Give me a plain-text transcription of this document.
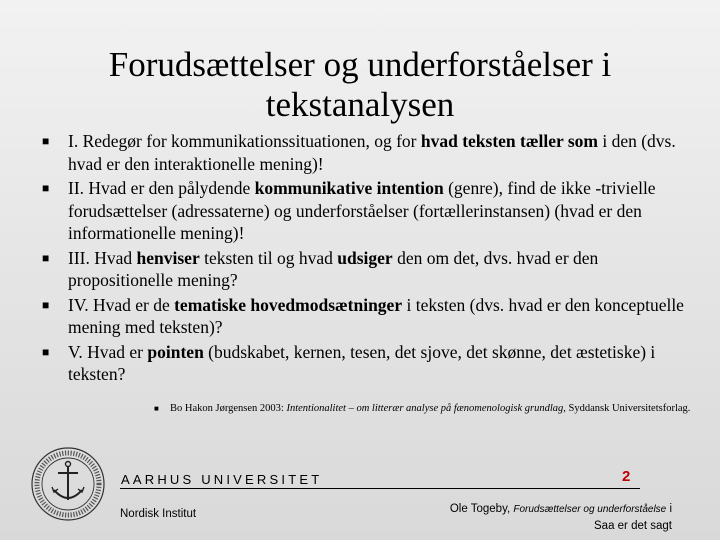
Forudsættelser og underforståelser i tekstanalysen
■ I. Redegør for kommunikationssituationen, og for hvad teksten tæller som i den (dvs. hvad er den interaktionelle mening)!
■ II. Hvad er den pålydende kommunikative intention (genre), find de ikke -trivielle forudsættelser (adressaterne) og underforståelser (fortællerinstansen) (hvad er den informationelle mening)!
■ III. Hvad henviser teksten til og hvad udsiger den om det, dvs. hvad er den propositionelle mening?
■ IV. Hvad er de tematiske hovedmodsætninger i teksten (dvs. hvad er den konceptuelle mening med teksten)?
■ V. Hvad er pointen (budskabet, kernen, tesen, det sjove, det skønne, det æstetiske) i teksten?
■ Bo Hakon Jørgensen 2003: Intentionalitet – om litterær analyse på fænomenologisk grundlag, Syddansk Universitetsforlag.
AARHUS UNIVERSITET	2
Nordisk Institut	Ole Togeby, Forudsættelser og underforståelse i
Saa er det sagt
